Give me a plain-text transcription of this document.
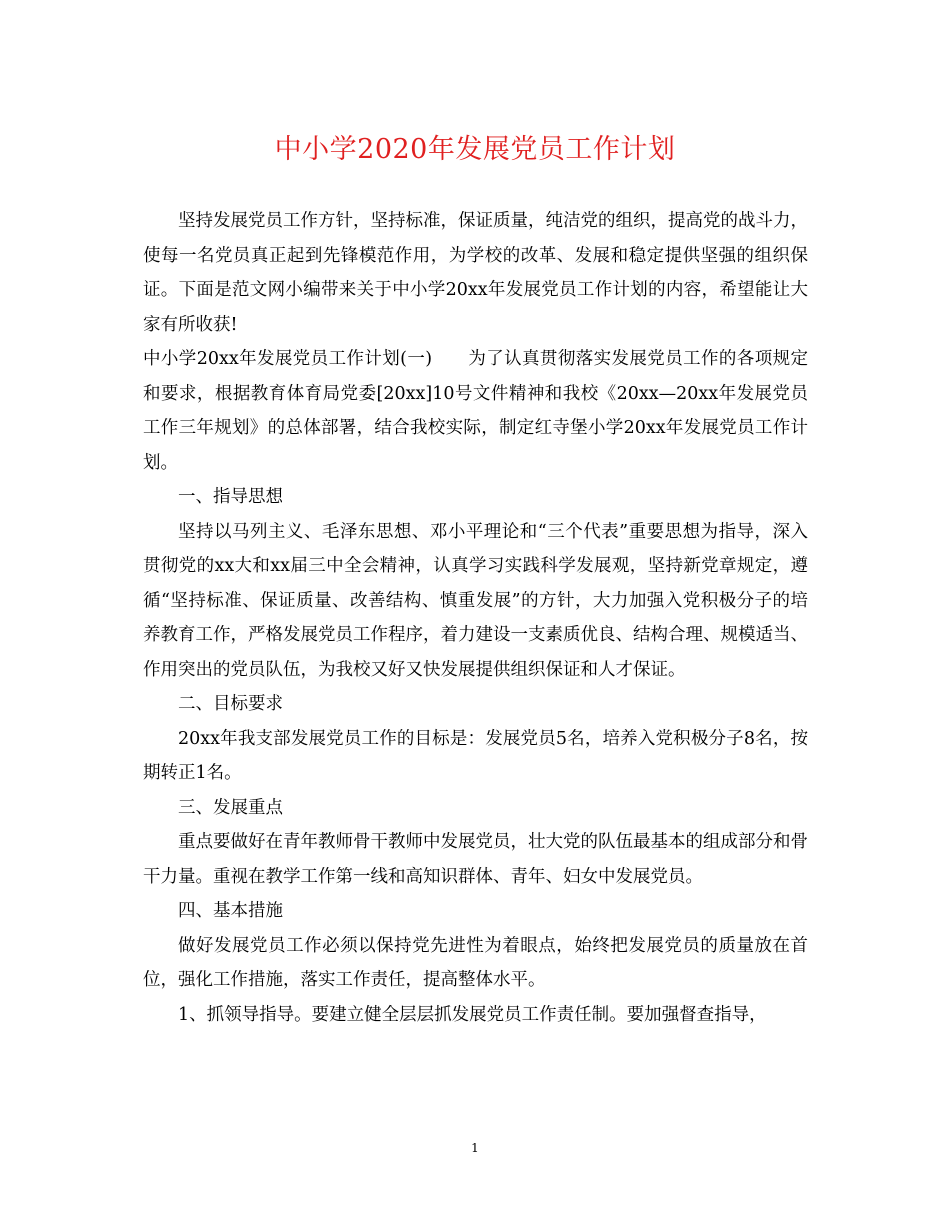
中小学2020年发展党员工作计划

坚持发展党员工作方针，坚持标准，保证质量，纯洁党的组织，提高党的战斗力，使每一名党员真正起到先锋模范作用，为学校的改革、发展和稳定提供坚强的组织保证。下面是范文网小编带来关于中小学20xx年发展党员工作计划的内容，希望能让大家有所收获!

中小学20xx年发展党员工作计划(一)　　为了认真贯彻落实发展党员工作的各项规定和要求，根据教育体育局党委[20xx]10号文件精神和我校《20xx—20xx年发展党员工作三年规划》的总体部署，结合我校实际，制定红寺堡小学20xx年发展党员工作计划。

一、指导思想

坚持以马列主义、毛泽东思想、邓小平理论和“三个代表”重要思想为指导，深入贯彻党的xx大和xx届三中全会精神，认真学习实践科学发展观，坚持新党章规定，遵循“坚持标准、保证质量、改善结构、慎重发展”的方针，大力加强入党积极分子的培养教育工作，严格发展党员工作程序，着力建设一支素质优良、结构合理、规模适当、作用突出的党员队伍，为我校又好又快发展提供组织保证和人才保证。

二、目标要求

20xx年我支部发展党员工作的目标是：发展党员5名，培养入党积极分子8名，按期转正1名。

三、发展重点

重点要做好在青年教师骨干教师中发展党员，壮大党的队伍最基本的组成部分和骨干力量。重视在教学工作第一线和高知识群体、青年、妇女中发展党员。

四、基本措施

做好发展党员工作必须以保持党先进性为着眼点，始终把发展党员的质量放在首位，强化工作措施，落实工作责任，提高整体水平。

1、抓领导指导。要建立健全层层抓发展党员工作责任制。要加强督查指导，

1
